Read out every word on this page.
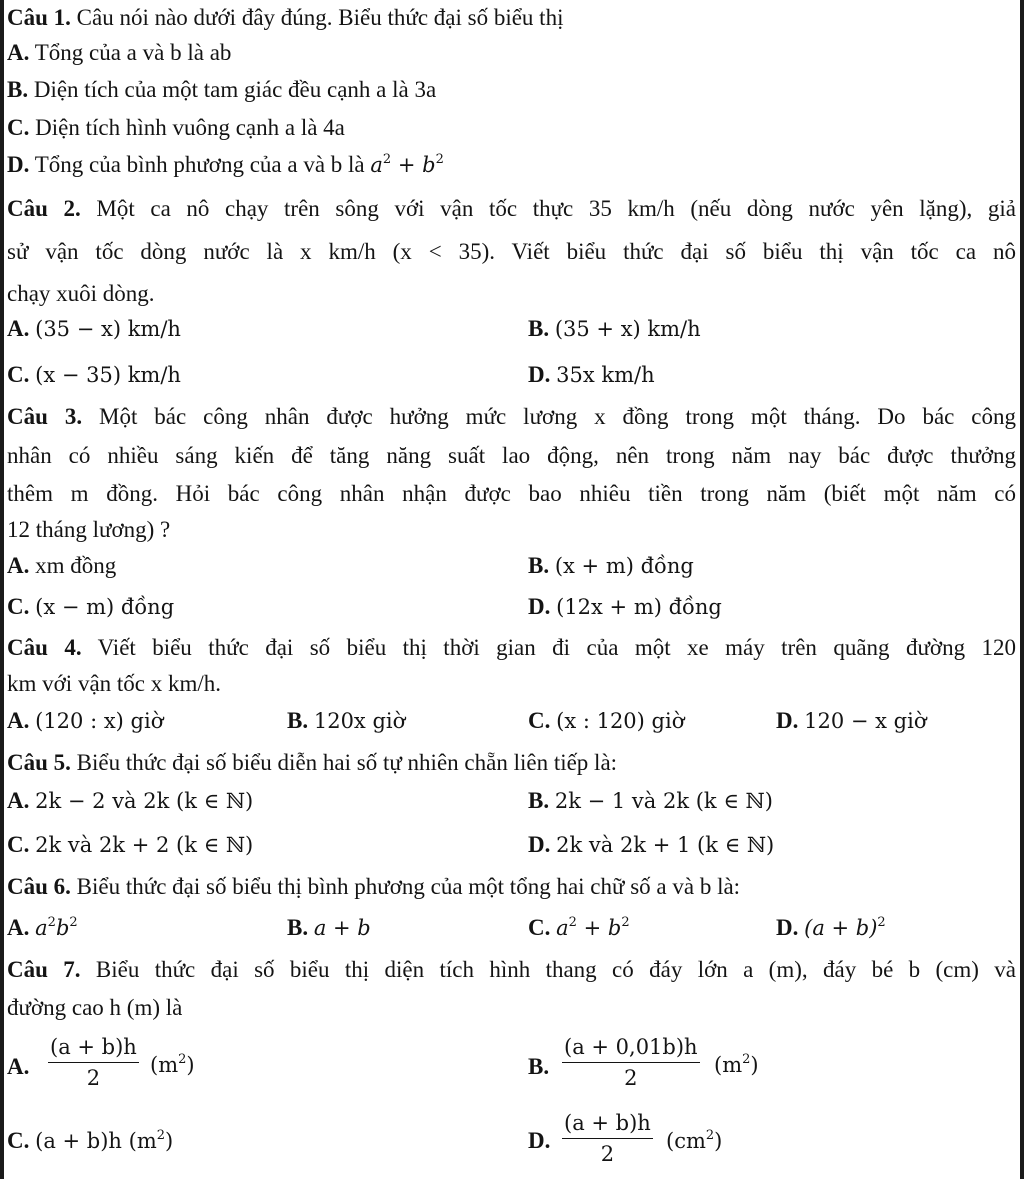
Câu 1. Câu nói nào dưới đây đúng. Biểu thức đại số biểu thị
A. Tổng của a và b là ab
B. Diện tích của một tam giác đều cạnh a là 3a
C. Diện tích hình vuông cạnh a là 4a
D. Tổng của bình phương của a và b là $a^2 + b^2$
Câu 2. Một ca nô chạy trên sông với vận tốc thực 35 km/h (nếu dòng nước yên lặng), giả
sử vận tốc dòng nước là x km/h (x < 35). Viết biểu thức đại số biểu thị vận tốc ca nô
chạy xuôi dòng.
A. (35 − x) km/h	B. (35 + x) km/h
C. (x − 35) km/h	D. 35x km/h
Câu 3. Một bác công nhân được hưởng mức lương x đồng trong một tháng. Do bác công
nhân có nhiều sáng kiến để tăng năng suất lao động, nên trong năm nay bác được thưởng
thêm m đồng. Hỏi bác công nhân nhận được bao nhiêu tiền trong năm (biết một năm có
12 tháng lương) ?
A. xm đồng	B. (x + m) đồng
C. (x − m) đồng	D. (12x + m) đồng
Câu 4. Viết biểu thức đại số biểu thị thời gian đi của một xe máy trên quãng đường 120
km với vận tốc x km/h.
A. (120 : x) giờ	B. 120x giờ	C. (x : 120) giờ	D. 120 − x giờ
Câu 5. Biểu thức đại số biểu diễn hai số tự nhiên chẵn liên tiếp là:
A. 2k − 2 và 2k (k ∈ ℕ)	B. 2k − 1 và 2k (k ∈ ℕ)
C. 2k và 2k + 2 (k ∈ ℕ)	D. 2k và 2k + 1 (k ∈ ℕ)
Câu 6. Biểu thức đại số biểu thị bình phương của một tổng hai chữ số a và b là:
A. $a^2b^2$	B. a + b	C. $a^2 + b^2$	D. $(a + b)^2$
Câu 7. Biểu thức đại số biểu thị diện tích hình thang có đáy lớn a (m), đáy bé b (cm) và
đường cao h (m) là
A. $\frac{(a + b)h}{2} (m^2)$	B. $\frac{(a + 0,01b)h}{2} (m^2)$
C. (a + b)h $(m^2)$	D. $\frac{(a + b)h}{2} (cm^2)$
